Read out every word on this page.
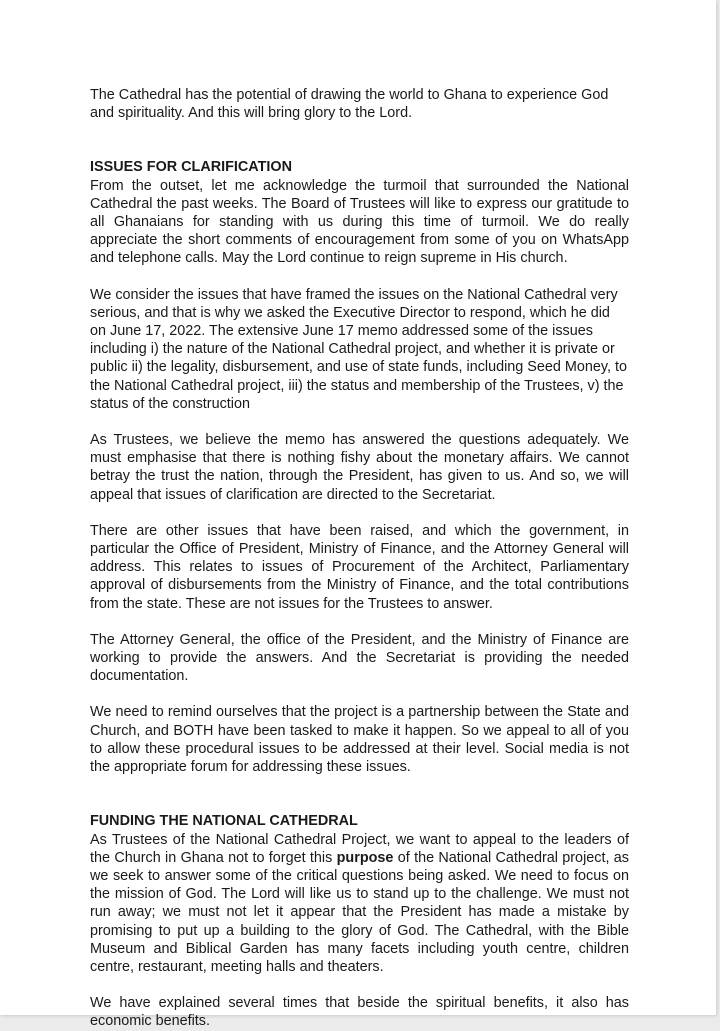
The Cathedral has the potential of drawing the world to Ghana to experience God and spirituality. And this will bring glory to the Lord.

ISSUES FOR CLARIFICATION

From the outset, let me acknowledge the turmoil that surrounded the National Cathedral the past weeks. The Board of Trustees will like to express our gratitude to all Ghanaians for standing with us during this time of turmoil. We do really appreciate the short comments of encouragement from some of you on WhatsApp and telephone calls. May the Lord continue to reign supreme in His church.

We consider the issues that have framed the issues on the National Cathedral very serious, and that is why we asked the Executive Director to respond, which he did on June 17, 2022. The extensive June 17 memo addressed some of the issues including i) the nature of the National Cathedral project, and whether it is private or public ii) the legality, disbursement, and use of state funds, including Seed Money, to the National Cathedral project, iii) the status and membership of the Trustees, v) the status of the construction

As Trustees, we believe the memo has answered the questions adequately. We must emphasise that there is nothing fishy about the monetary affairs. We cannot betray the trust the nation, through the President, has given to us. And so, we will appeal that issues of clarification are directed to the Secretariat.

There are other issues that have been raised, and which the government, in particular the Office of President, Ministry of Finance, and the Attorney General will address. This relates to issues of Procurement of the Architect, Parliamentary approval of disbursements from the Ministry of Finance, and the total contributions from the state. These are not issues for the Trustees to answer.

The Attorney General, the office of the President, and the Ministry of Finance are working to provide the answers. And the Secretariat is providing the needed documentation.

We need to remind ourselves that the project is a partnership between the State and Church, and BOTH have been tasked to make it happen. So we appeal to all of you to allow these procedural issues to be addressed at their level. Social media is not the appropriate forum for addressing these issues.

FUNDING THE NATIONAL CATHEDRAL

As Trustees of the National Cathedral Project, we want to appeal to the leaders of the Church in Ghana not to forget this purpose of the National Cathedral project, as we seek to answer some of the critical questions being asked. We need to focus on the mission of God. The Lord will like us to stand up to the challenge. We must not run away; we must not let it appear that the President has made a mistake by promising to put up a building to the glory of God. The Cathedral, with the Bible Museum and Biblical Garden has many facets including youth centre, children centre, restaurant, meeting halls and theaters.

We have explained several times that beside the spiritual benefits, it also has economic benefits.
